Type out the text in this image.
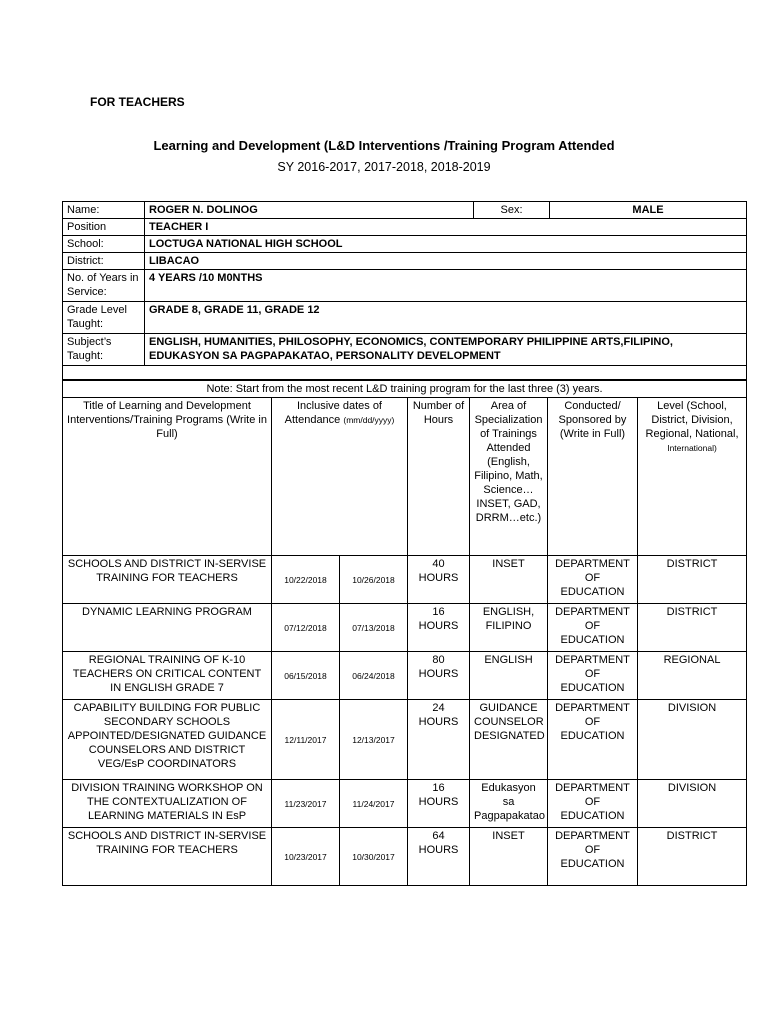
FOR TEACHERS
Learning and Development (L&D Interventions /Training Program Attended
SY 2016-2017, 2017-2018, 2018-2019
Name:	ROGER N. DOLINOG	Sex:	MALE
Position	TEACHER I		
School:	LOCTUGA NATIONAL HIGH SCHOOL		
District:	LIBACAO		
No. of Years in Service:	4 YEARS /10 M0NTHS		
Grade Level Taught:	GRADE 8, GRADE 11, GRADE 12		
Subject’s Taught:	ENGLISH, HUMANITIES, PHILOSOPHY, ECONOMICS, CONTEMPORARY PHILIPPINE ARTS,FILIPINO, EDUKASYON SA PAGPAPAKATAO, PERSONALITY DEVELOPMENT		

Note: Start from the most recent L&D training program for the last three (3) years.						
Title of Learning and Development Interventions/Training Programs (Write in Full)	Inclusive dates of Attendance (mm/dd/yyyy)		Number of Hours	Area of Specialization of Trainings Attended (English, Filipino, Math, Science… INSET, GAD, DRRM…etc.)	Conducted/ Sponsored by (Write in Full)	Level (School, District, Division, Regional, National, International)
SCHOOLS AND DISTRICT IN-SERVISE TRAINING FOR TEACHERS	10/22/2018	10/26/2018	40 HOURS	INSET	DEPARTMENT OF EDUCATION	DISTRICT
DYNAMIC LEARNING PROGRAM	07/12/2018	07/13/2018	16 HOURS	ENGLISH, FILIPINO	DEPARTMENT OF EDUCATION	DISTRICT
REGIONAL TRAINING OF K-10 TEACHERS ON CRITICAL CONTENT IN ENGLISH GRADE 7	06/15/2018	06/24/2018	80 HOURS	ENGLISH	DEPARTMENT OF EDUCATION	REGIONAL
CAPABILITY BUILDING FOR PUBLIC SECONDARY SCHOOLS APPOINTED/DESIGNATED GUIDANCE COUNSELORS AND DISTRICT VEG/EsP COORDINATORS	12/11/2017	12/13/2017	24 HOURS	GUIDANCE COUNSELOR DESIGNATED	DEPARTMENT OF EDUCATION	DIVISION
DIVISION TRAINING WORKSHOP ON THE CONTEXTUALIZATION OF LEARNING MATERIALS IN EsP	11/23/2017	11/24/2017	16 HOURS	Edukasyon sa Pagpapakataо	DEPARTMENT OF EDUCATION	DIVISION
SCHOOLS AND DISTRICT IN-SERVISE TRAINING FOR TEACHERS	10/23/2017	10/30/2017	64 HOURS	INSET	DEPARTMENT OF EDUCATION	DISTRICT
